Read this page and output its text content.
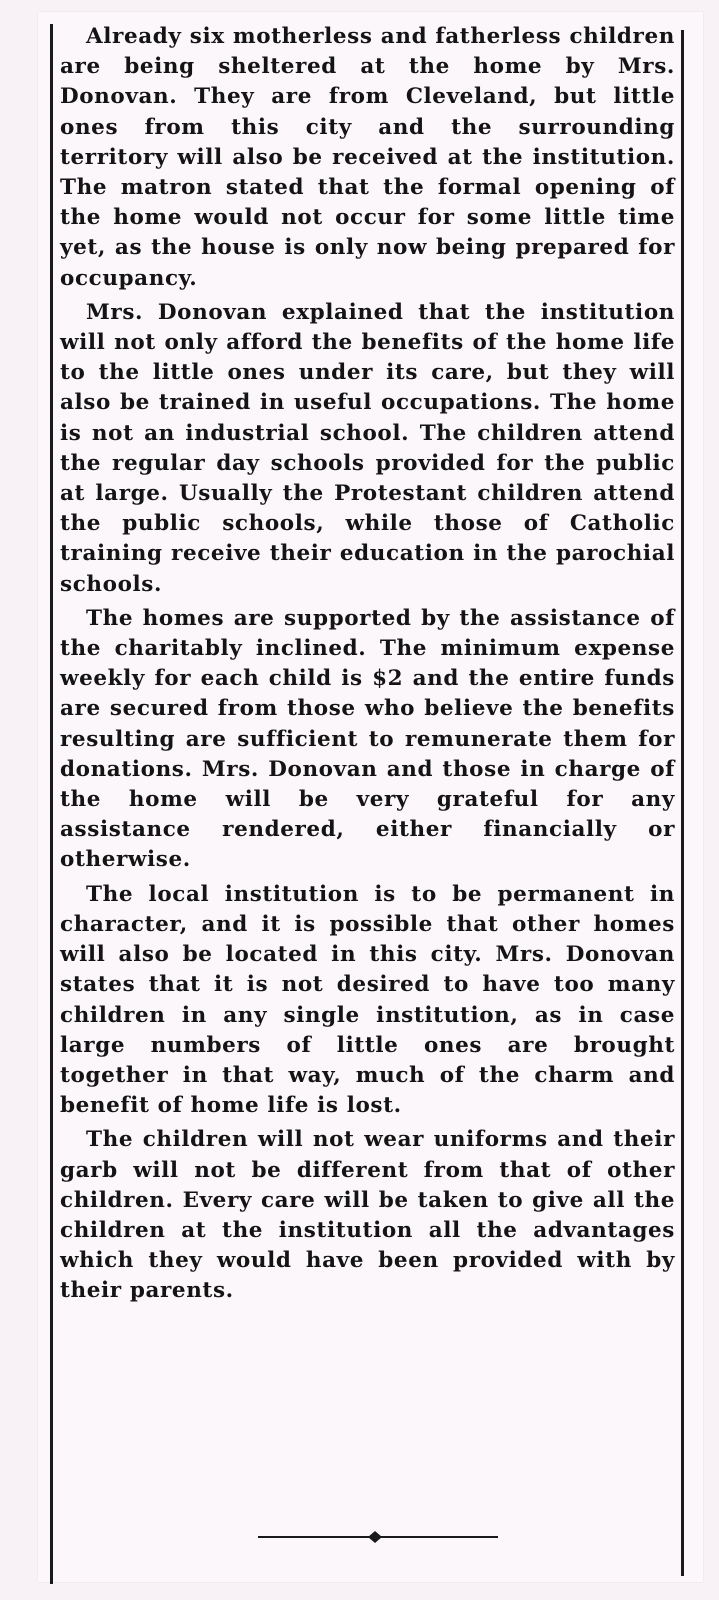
Already six motherless and fatherless children are being sheltered at the home by Mrs. Donovan. They are from Cleveland, but little ones from this city and the surrounding territory will also be received at the institution. The matron stated that the formal opening of the home would not occur for some little time yet, as the house is only now being prepared for occupancy.

Mrs. Donovan explained that the institution will not only afford the benefits of the home life to the little ones under its care, but they will also be trained in useful occupations. The home is not an industrial school. The children attend the regular day schools provided for the public at large. Usually the Protestant children attend the public schools, while those of Catholic training receive their education in the parochial schools.

The homes are supported by the assistance of the charitably inclined. The minimum expense weekly for each child is $2 and the entire funds are secured from those who believe the benefits resulting are sufficient to remunerate them for donations. Mrs. Donovan and those in charge of the home will be very grateful for any assistance rendered, either financially or otherwise.

The local institution is to be permanent in character, and it is possible that other homes will also be located in this city. Mrs. Donovan states that it is not desired to have too many children in any single institution, as in case large numbers of little ones are brought together in that way, much of the charm and benefit of home life is lost.

The children will not wear uniforms and their garb will not be different from that of other children. Every care will be taken to give all the children at the institution all the advantages which they would have been provided with by their parents.
